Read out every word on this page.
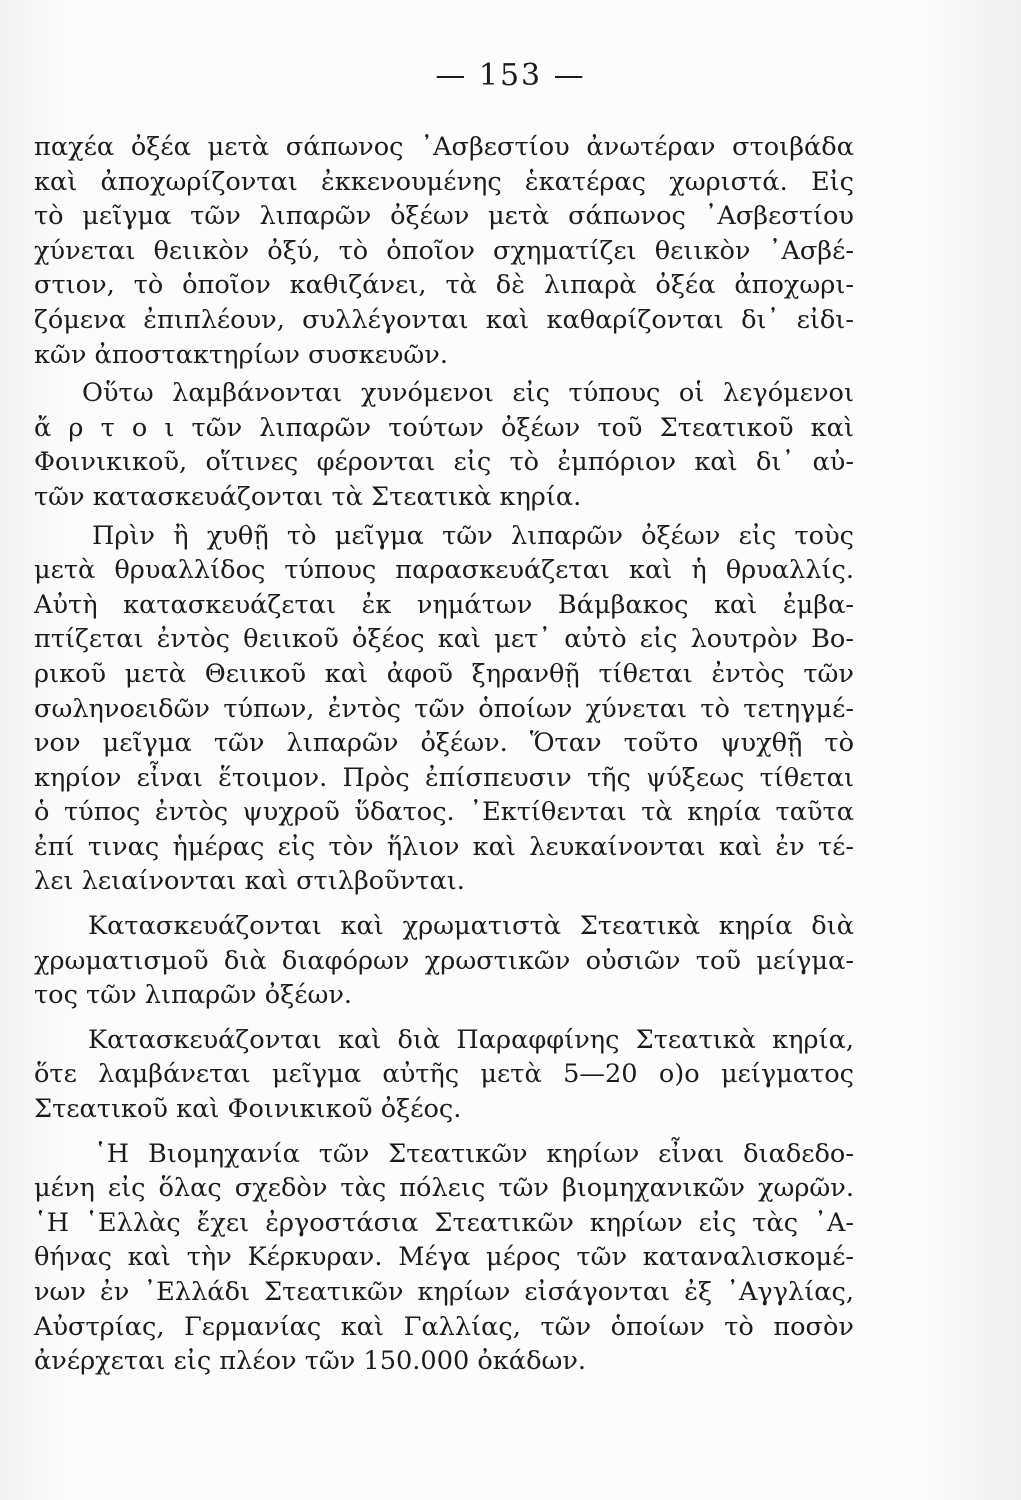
— 153 —

παχέα ὀξέα μετὰ σάπωνος ᾿Ασβεστίου ἀνωτέραν στοιβάδα
καὶ ἀποχωρίζονται ἐκκενουμένης ἑκατέρας χωριστά. Εἰς
τὸ μεῖγμα τῶν λιπαρῶν ὀξέων μετὰ σάπωνος ᾿Ασβεστίου
χύνεται θειικὸν ὀξύ, τὸ ὁποῖον σχηματίζει θειικὸν ᾿Ασβέ-
στιον, τὸ ὁποῖον καθιζάνει, τὰ δὲ λιπαρὰ ὀξέα ἀποχωρι-
ζόμενα ἐπιπλέουν, συλλέγονται καὶ καθαρίζονται δι᾿ εἰδι-
κῶν ἀποστακτηρίων συσκευῶν.

Οὕτω λαμβάνονται χυνόμενοι εἰς τύπους οἱ λεγόμενοι
ἄ ρ τ ο ι τῶν λιπαρῶν τούτων ὀξέων τοῦ Στεατικοῦ καὶ
Φοινικικοῦ, οἵτινες φέρονται εἰς τὸ ἐμπόριον καὶ δι᾿ αὐ-
τῶν κατασκευάζονται τὰ Στεατικὰ κηρία.

Πρὶν ἢ χυθῇ τὸ μεῖγμα τῶν λιπαρῶν ὀξέων εἰς τοὺς
μετὰ θρυαλλίδος τύπους παρασκευάζεται καὶ ἡ θρυαλλίς.
Αὐτὴ κατασκευάζεται ἐκ νημάτων Βάμβακος καὶ ἐμβα-
πτίζεται ἐντὸς θειικοῦ ὀξέος καὶ μετ᾿ αὐτὸ εἰς λουτρὸν Βο-
ρικοῦ μετὰ Θειικοῦ καὶ ἀφοῦ ξηρανθῇ τίθεται ἐντὸς τῶν
σωληνοειδῶν τύπων, ἐντὸς τῶν ὁποίων χύνεται τὸ τετηγμέ-
νον μεῖγμα τῶν λιπαρῶν ὀξέων. Ὅταν τοῦτο ψυχθῇ τὸ
κηρίον εἶναι ἕτοιμον. Πρὸς ἐπίσπευσιν τῆς ψύξεως τίθεται
ὁ τύπος ἐντὸς ψυχροῦ ὕδατος. ᾿Εκτίθενται τὰ κηρία ταῦτα
ἐπί τινας ἡμέρας εἰς τὸν ἥλιον καὶ λευκαίνονται καὶ ἐν τέ-
λει λειαίνονται καὶ στιλβοῦνται.

Κατασκευάζονται καὶ χρωματιστὰ Στεατικὰ κηρία διὰ
χρωματισμοῦ διὰ διαφόρων χρωστικῶν οὐσιῶν τοῦ μείγμα-
τος τῶν λιπαρῶν ὀξέων.

Κατασκευάζονται καὶ διὰ Παραφφίνης Στεατικὰ κηρία,
ὅτε λαμβάνεται μεῖγμα αὐτῆς μετὰ 5—20 ο)ο μείγματος
Στεατικοῦ καὶ Φοινικικοῦ ὀξέος.

῾Η Βιομηχανία τῶν Στεατικῶν κηρίων εἶναι διαδεδο-
μένη εἰς ὅλας σχεδὸν τὰς πόλεις τῶν βιομηχανικῶν χωρῶν.
῾Η ῾Ελλὰς ἔχει ἐργοστάσια Στεατικῶν κηρίων εἰς τὰς ᾿Α-
θήνας καὶ τὴν Κέρκυραν. Μέγα μέρος τῶν καταναλισκομέ-
νων ἐν ᾿Ελλάδι Στεατικῶν κηρίων εἰσάγονται ἐξ ᾿Αγγλίας,
Αὐστρίας, Γερμανίας καὶ Γαλλίας, τῶν ὁποίων τὸ ποσὸν
ἀνέρχεται εἰς πλέον τῶν 150.000 ὀκάδων.
